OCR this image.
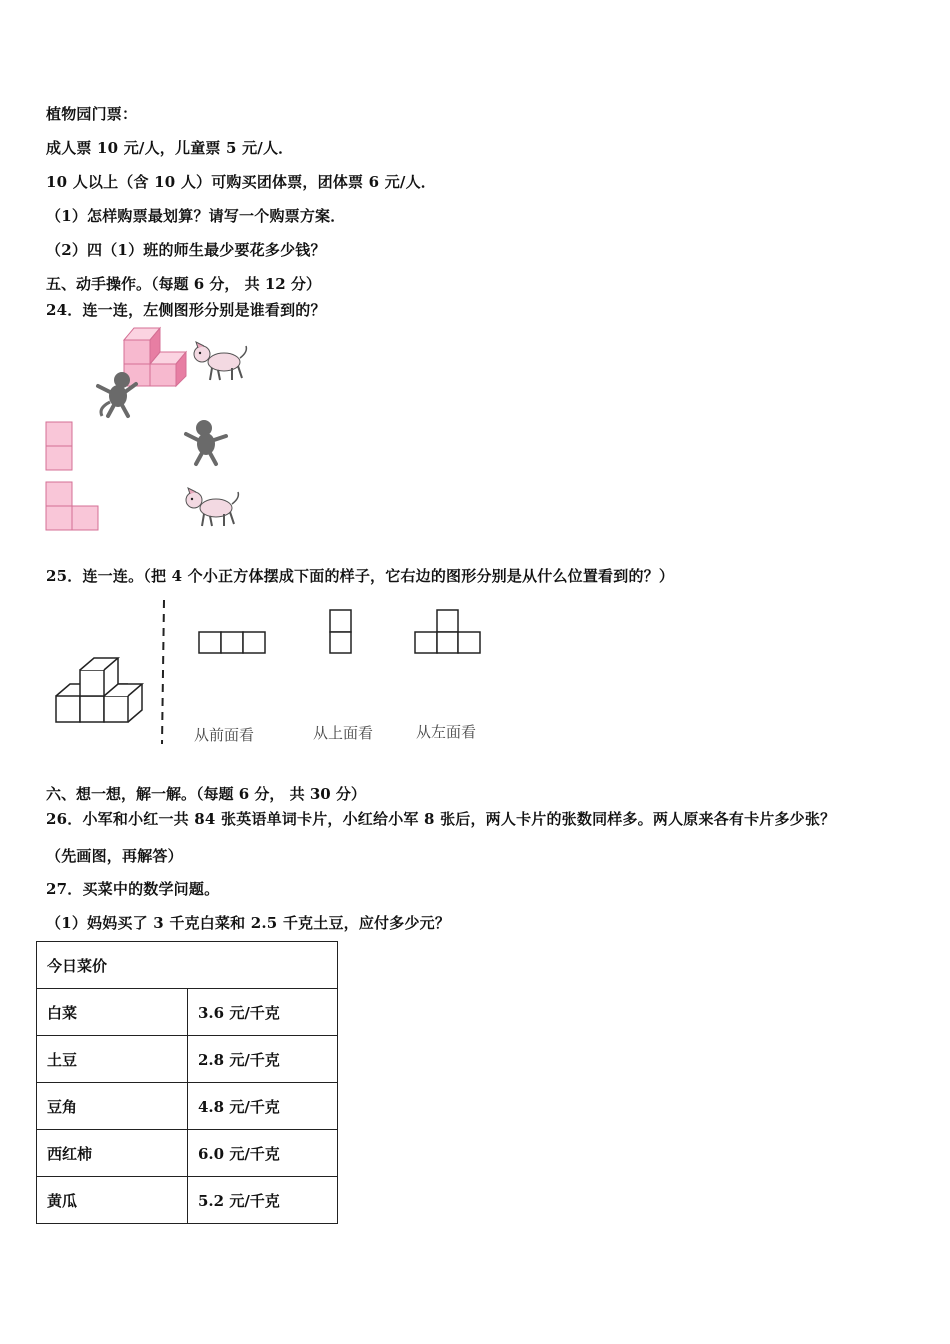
植物园门票：
成人票 10 元/人，儿童票 5 元/人．
10 人以上（含 10 人）可购买团体票，团体票 6 元/人．
（1）怎样购票最划算？请写一个购票方案．
（2）四（1）班的师生最少要花多少钱？
五、动手操作。（每题 6 分， 共 12 分）
24．连一连，左侧图形分别是谁看到的？
25．连一连。（把 4 个小正方体摆成下面的样子，它右边的图形分别是从什么位置看到的？）
从前面看	从上面看	从左面看
六、想一想，解一解。（每题 6 分， 共 30 分）
26．小军和小红一共 84 张英语单词卡片，小红给小军 8 张后，两人卡片的张数同样多。两人原来各有卡片多少张？
（先画图，再解答）
27．买菜中的数学问题。
（1）妈妈买了 3 千克白菜和 2.5 千克土豆，应付多少元？
今日菜价	
白菜	3.6 元/千克
土豆	2.8 元/千克
豆角	4.8 元/千克
西红柿	6.0 元/千克
黄瓜	5.2 元/千克
